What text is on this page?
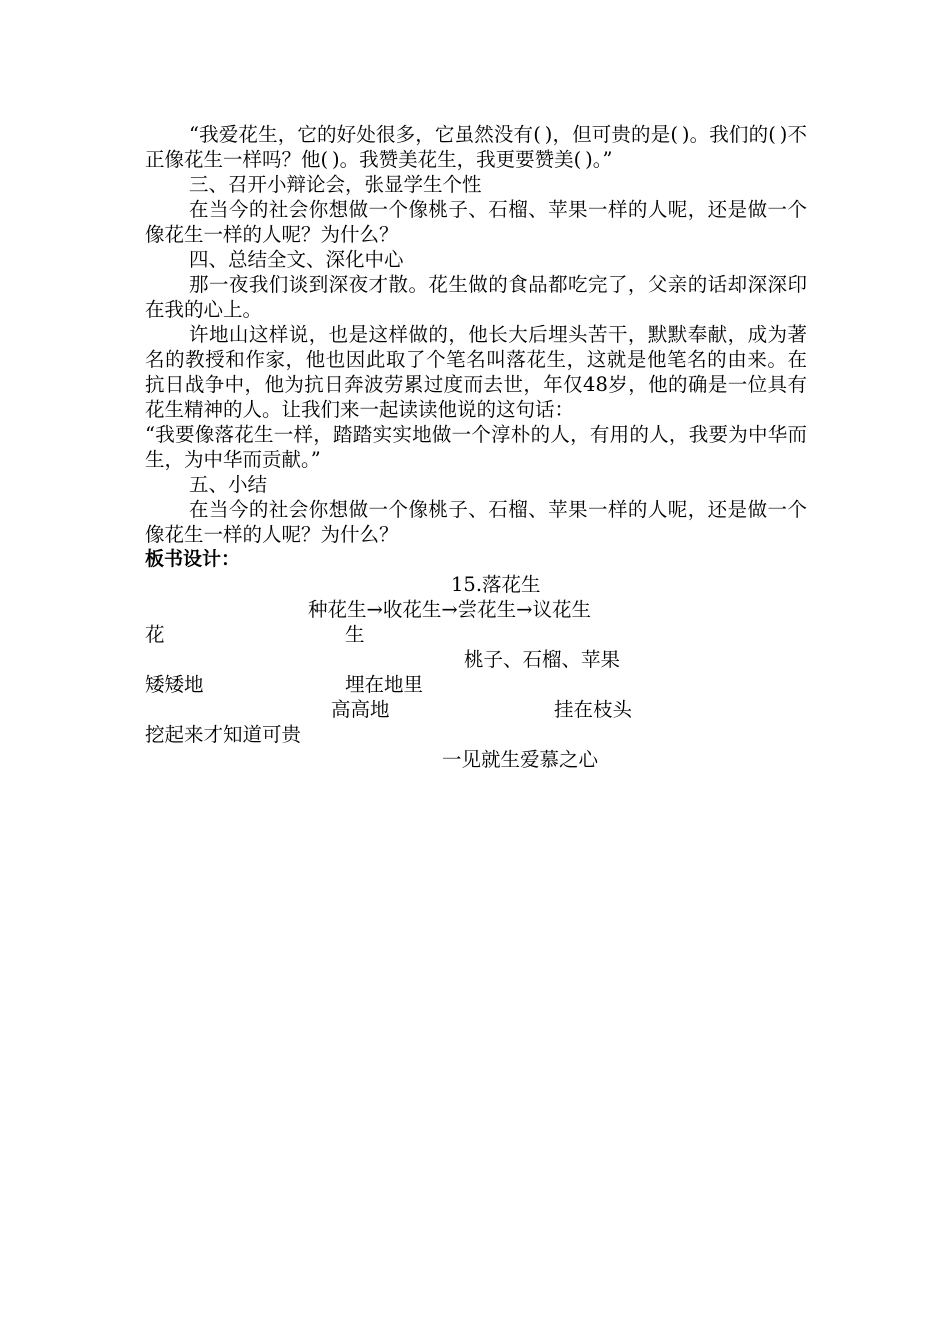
“我爱花生，它的好处很多，它虽然没有( )，但可贵的是( )。我们的( )不正像花生一样吗？他( )。我赞美花生，我更要赞美( )。”

三、召开小辩论会，张显学生个性

在当今的社会你想做一个像桃子、石榴、苹果一样的人呢，还是做一个像花生一样的人呢？为什么？

四、总结全文、深化中心

那一夜我们谈到深夜才散。花生做的食品都吃完了，父亲的话却深深印在我的心上。

许地山这样说，也是这样做的，他长大后埋头苦干，默默奉献，成为著名的教授和作家，他也因此取了个笔名叫落花生，这就是他笔名的由来。在抗日战争中，他为抗日奔波劳累过度而去世，年仅48岁，他的确是一位具有花生精神的人。让我们来一起读读他说的这句话：

“我要像落花生一样，踏踏实实地做一个淳朴的人，有用的人，我要为中华而生，为中华而贡献。”

五、小结

在当今的社会你想做一个像桃子、石榴、苹果一样的人呢，还是做一个像花生一样的人呢？为什么？

板书设计：

15.落花生
种花生→收花生→尝花生→议花生
花	生
桃子、石榴、苹果
矮矮地	埋在地里
高高地	挂在枝头
挖起来才知道可贵
一见就生爱慕之心
